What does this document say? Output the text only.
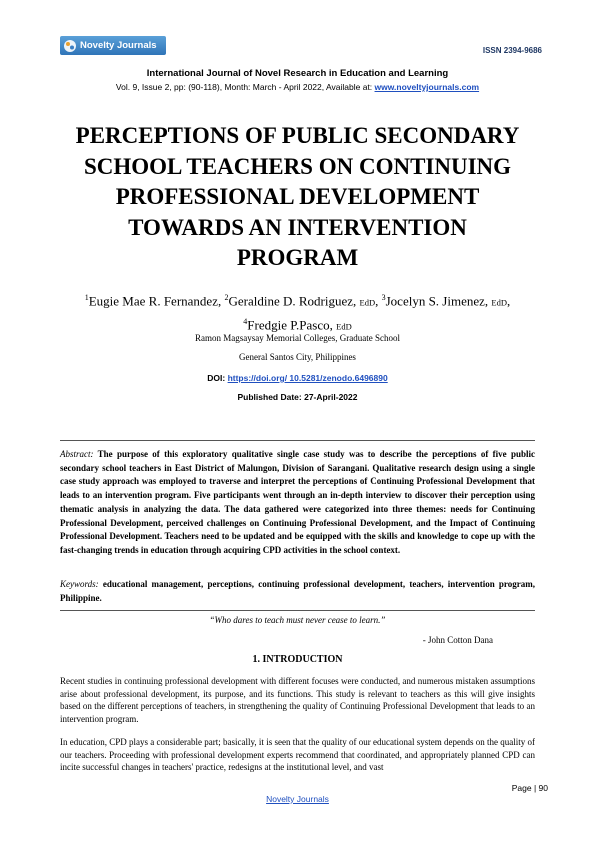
Novelty Journals	ISSN 2394-9686
International Journal of Novel Research in Education and Learning
Vol. 9, Issue 2, pp: (90-118), Month: March - April 2022, Available at: www.noveltyjournals.com
PERCEPTIONS OF PUBLIC SECONDARY
SCHOOL TEACHERS ON CONTINUING
PROFESSIONAL DEVELOPMENT
TOWARDS AN INTERVENTION
PROGRAM
$^1$Eugie Mae R. Fernandez, $^2$Geraldine D. Rodriguez, EdD, $^3$Jocelyn S. Jimenez, EdD,
$^4$Fredgie P.Pasco, EdD
Ramon Magsaysay Memorial Colleges, Graduate School
General Santos City, Philippines
DOI: https://doi.org/ 10.5281/zenodo.6496890
Published Date: 27-April-2022
Abstract: The purpose of this exploratory qualitative single case study was to describe the perceptions of five public secondary school teachers in East District of Malungon, Division of Sarangani. Qualitative research design using a single case study approach was employed to traverse and interpret the perceptions of Continuing Professional Development that leads to an intervention program. Five participants went through an in-depth interview to discover their perception using thematic analysis in analyzing the data. The data gathered were categorized into three themes: needs for Continuing Professional Development, perceived challenges on Continuing Professional Development, and the Impact of Continuing Professional Development. Teachers need to be updated and be equipped with the skills and knowledge to cope up with the fast-changing trends in education through acquiring CPD activities in the school context.
Keywords: educational management, perceptions, continuing professional development, teachers, intervention program, Philippine.
“Who dares to teach must never cease to learn.”
- John Cotton Dana
1. INTRODUCTION
Recent studies in continuing professional development with different focuses were conducted, and numerous mistaken assumptions arise about professional development, its purpose, and its functions. This study is relevant to teachers as this will give insights based on the different perceptions of teachers, in strengthening the quality of Continuing Professional Development that leads to an intervention program.
In education, CPD plays a considerable part; basically, it is seen that the quality of our educational system depends on the quality of our teachers. Proceeding with professional development experts recommend that coordinated, and appropriately planned CPD can incite successful changes in teachers' practice, redesigns at the institutional level, and vast
Page | 90
Novelty Journals
